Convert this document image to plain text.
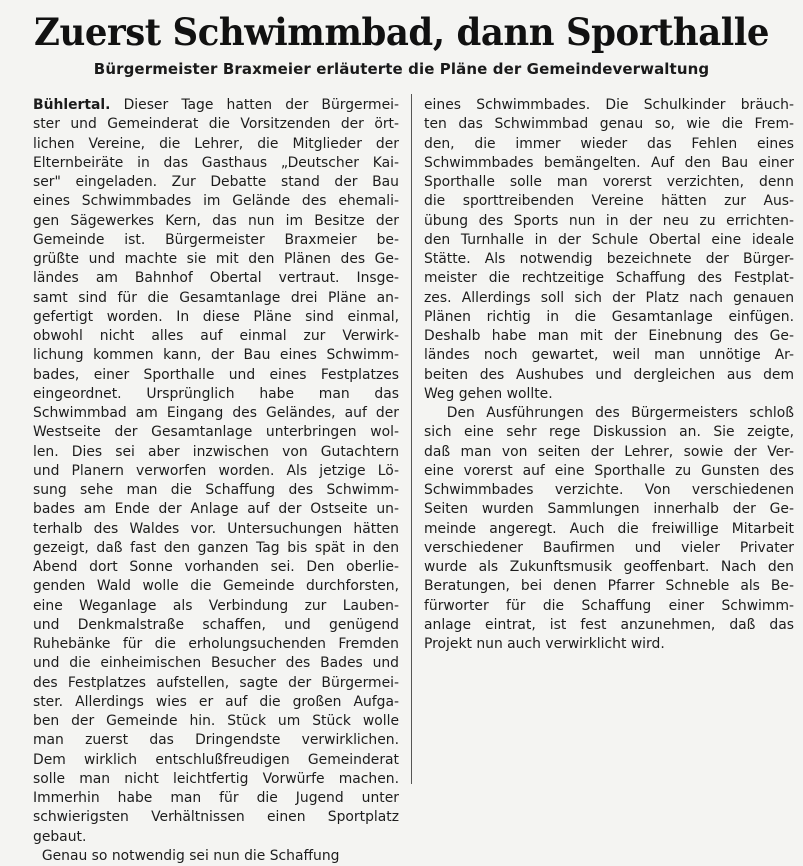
Zuerst Schwimmbad, dann Sporthalle
Bürgermeister Braxmeier erläuterte die Pläne der Gemeindeverwaltung
Bühlertal. Dieser Tage hatten der Bürgermei-
ster und Gemeinderat die Vorsitzenden der ört-
lichen Vereine, die Lehrer, die Mitglieder der
Elternbeiräte in das Gasthaus „Deutscher Kai-
ser" eingeladen. Zur Debatte stand der Bau
eines Schwimmbades im Gelände des ehemali-
gen Sägewerkes Kern, das nun im Besitze der
Gemeinde ist. Bürgermeister Braxmeier be-
grüßte und machte sie mit den Plänen des Ge-
ländes am Bahnhof Obertal vertraut. Insge-
samt sind für die Gesamtanlage drei Pläne an-
gefertigt worden. In diese Pläne sind einmal,
obwohl nicht alles auf einmal zur Verwirk-
lichung kommen kann, der Bau eines Schwimm-
bades, einer Sporthalle und eines Festplatzes
eingeordnet. Ursprünglich habe man das
Schwimmbad am Eingang des Geländes, auf der
Westseite der Gesamtanlage unterbringen wol-
len. Dies sei aber inzwischen von Gutachtern
und Planern verworfen worden. Als jetzige Lö-
sung sehe man die Schaffung des Schwimm-
bades am Ende der Anlage auf der Ostseite un-
terhalb des Waldes vor. Untersuchungen hätten
gezeigt, daß fast den ganzen Tag bis spät in den
Abend dort Sonne vorhanden sei. Den oberlie-
genden Wald wolle die Gemeinde durchforsten,
eine Weganlage als Verbindung zur Lauben-
und Denkmalstraße schaffen, und genügend
Ruhebänke für die erholungsuchenden Fremden
und die einheimischen Besucher des Bades und
des Festplatzes aufstellen, sagte der Bürgermei-
ster. Allerdings wies er auf die großen Aufga-
ben der Gemeinde hin. Stück um Stück wolle
man zuerst das Dringendste verwirklichen.
Dem wirklich entschlußfreudigen Gemeinderat
solle man nicht leichtfertig Vorwürfe machen.
Immerhin habe man für die Jugend unter
schwierigsten Verhältnissen einen Sportplatz
gebaut.
Genau so notwendig sei nun die Schaffung
eines Schwimmbades. Die Schulkinder bräuch-
ten das Schwimmbad genau so, wie die Frem-
den, die immer wieder das Fehlen eines
Schwimmbades bemängelten. Auf den Bau einer
Sporthalle solle man vorerst verzichten, denn
die sporttreibenden Vereine hätten zur Aus-
übung des Sports nun in der neu zu errichten-
den Turnhalle in der Schule Obertal eine ideale
Stätte. Als notwendig bezeichnete der Bürger-
meister die rechtzeitige Schaffung des Festplat-
zes. Allerdings soll sich der Platz nach genauen
Plänen richtig in die Gesamtanlage einfügen.
Deshalb habe man mit der Einebnung des Ge-
ländes noch gewartet, weil man unnötige Ar-
beiten des Aushubes und dergleichen aus dem
Weg gehen wollte.
Den Ausführungen des Bürgermeisters schloß
sich eine sehr rege Diskussion an. Sie zeigte,
daß man von seiten der Lehrer, sowie der Ver-
eine vorerst auf eine Sporthalle zu Gunsten des
Schwimmbades verzichte. Von verschiedenen
Seiten wurden Sammlungen innerhalb der Ge-
meinde angeregt. Auch die freiwillige Mitarbeit
verschiedener Baufirmen und vieler Privater
wurde als Zukunftsmusik geoffenbart. Nach den
Beratungen, bei denen Pfarrer Schneble als Be-
fürworter für die Schaffung einer Schwimm-
anlage eintrat, ist fest anzunehmen, daß das
Projekt nun auch verwirklicht wird.
